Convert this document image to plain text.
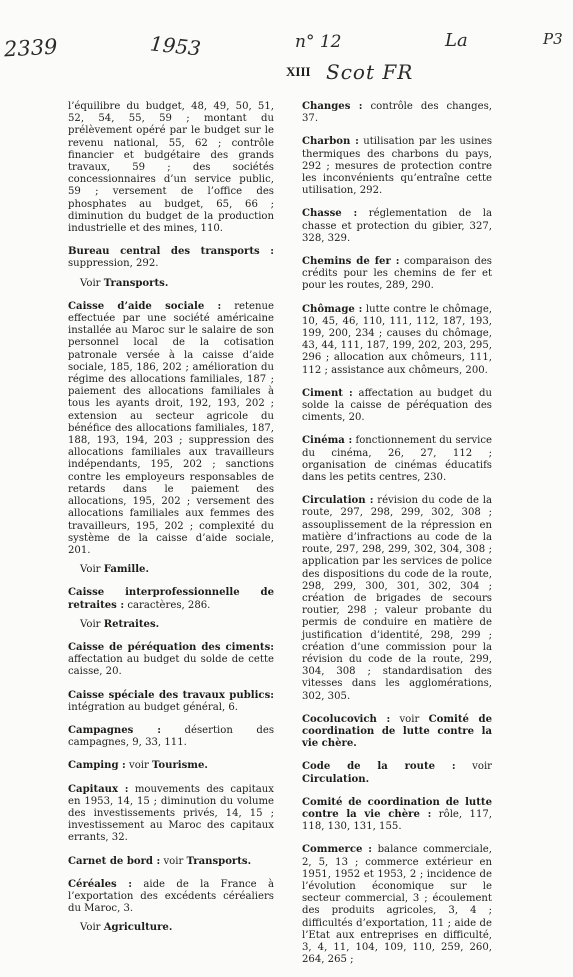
2339	1953	n° 12	La	P3
Scot FR
XIII

l’équilibre du budget, 48, 49, 50, 51, 52, 54, 55, 59 ; montant du prélèvement opéré par le budget sur le revenu national, 55, 62 ; contrôle financier et budgétaire des grands travaux, 59 ; des sociétés concessionnaires d’un service public, 59 ; versement de l’office des phosphates au budget, 65, 66 ; diminution du budget de la production industrielle et des mines, 110.

Bureau central des transports : suppression, 292.

Voir Transports.

Caisse d’aide sociale : retenue effectuée par une société américaine installée au Maroc sur le salaire de son personnel local de la cotisation patronale versée à la caisse d’aide sociale, 185, 186, 202 ; amélioration du régime des allocations familiales, 187 ; paiement des allocations familiales à tous les ayants droit, 192, 193, 202 ; extension au secteur agricole du bénéfice des allocations familiales, 187, 188, 193, 194, 203 ; suppression des allocations familiales aux travailleurs indépendants, 195, 202 ; sanctions contre les employeurs responsables de retards dans le paiement des allocations, 195, 202 ; versement des allocations familiales aux femmes des travailleurs, 195, 202 ; complexité du système de la caisse d’aide sociale, 201.

Voir Famille.

Caisse interprofessionnelle de retraites : caractères, 286.

Voir Retraites.

Caisse de péréquation des ciments: affectation au budget du solde de cette caisse, 20.

Caisse spéciale des travaux publics: intégration au budget général, 6.

Campagnes : désertion des campagnes, 9, 33, 111.

Camping : voir Tourisme.

Capitaux : mouvements des capitaux en 1953, 14, 15 ; diminution du volume des investissements privés, 14, 15 ; investissement au Maroc des capitaux errants, 32.

Carnet de bord : voir Transports.

Céréales : aide de la France à l’exportation des excédents céréaliers du Maroc, 3.

Voir Agriculture.

Changes : contrôle des changes, 37.

Charbon : utilisation par les usines thermiques des charbons du pays, 292 ; mesures de protection contre les inconvénients qu’entraîne cette utilisation, 292.

Chasse : réglementation de la chasse et protection du gibier, 327, 328, 329.

Chemins de fer : comparaison des crédits pour les chemins de fer et pour les routes, 289, 290.

Chômage : lutte contre le chômage, 10, 45, 46, 110, 111, 112, 187, 193, 199, 200, 234 ; causes du chômage, 43, 44, 111, 187, 199, 202, 203, 295, 296 ; allocation aux chômeurs, 111, 112 ; assistance aux chômeurs, 200.

Ciment : affectation au budget du solde la caisse de péréquation des ciments, 20.

Cinéma : fonctionnement du service du cinéma, 26, 27, 112 ; organisation de cinémas éducatifs dans les petits centres, 230.

Circulation : révision du code de la route, 297, 298, 299, 302, 308 ; assouplissement de la répression en matière d’infractions au code de la route, 297, 298, 299, 302, 304, 308 ; application par les services de police des dispositions du code de la route, 298, 299, 300, 301, 302, 304 ; création de brigades de secours routier, 298 ; valeur probante du permis de conduire en matière de justification d’identité, 298, 299 ; création d’une commission pour la révision du code de la route, 299, 304, 308 ; standardisation des vitesses dans les agglomérations, 302, 305.

Cocolucovich : voir Comité de coordination de lutte contre la vie chère.

Code de la route : voir Circulation.

Comité de coordination de lutte contre la vie chère : rôle, 117, 118, 130, 131, 155.

Commerce : balance commerciale, 2, 5, 13 ; commerce extérieur en 1951, 1952 et 1953, 2 ; incidence de l’évolution économique sur le secteur commercial, 3 ; écoulement des produits agricoles, 3, 4 ; difficultés d’exportation, 11 ; aide de l’Etat aux entreprises en difficulté, 3, 4, 11, 104, 109, 110, 259, 260, 264, 265 ;
